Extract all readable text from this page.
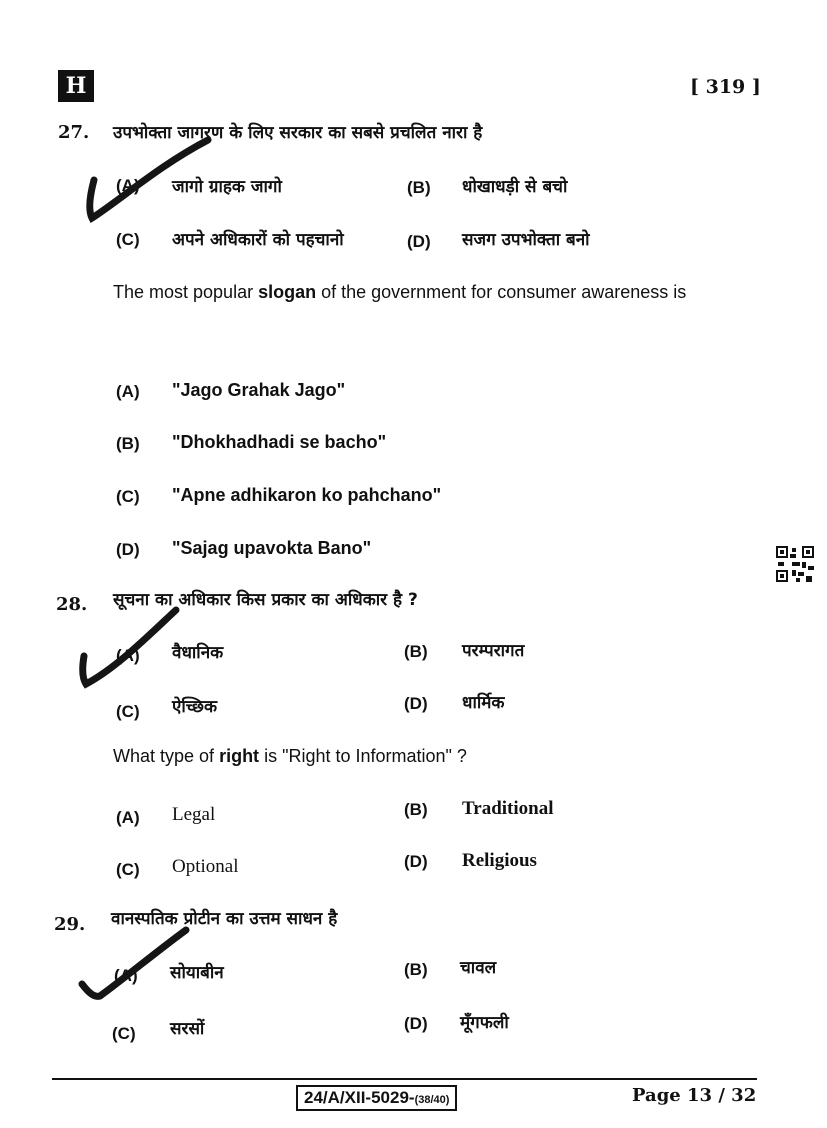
H	[ 319 ]
27. उपभोक्ता जागरण के लिए सरकार का सबसे प्रचलित नारा है
(A) जागो ग्राहक जागो	(B) धोखाधड़ी से बचो
(C) अपने अधिकारों को पहचानो	(D) सजग उपभोक्ता बनो
The most popular slogan of the government for consumer awareness is
(A) "Jago Grahak Jago"
(B) "Dhokhadhadi se bacho"
(C) "Apne adhikaron ko pahchano"
(D) "Sajag upavokta Bano"
28. सूचना का अधिकार किस प्रकार का अधिकार है ?
(A) वैधानिक	(B) परम्परागत
(C) ऐच्छिक	(D) धार्मिक
What type of right is "Right to Information" ?
(A) Legal	(B) Traditional
(C) Optional	(D) Religious
29. वानस्पतिक प्रोटीन का उत्तम साधन है
(A) सोयाबीन	(B) चावल
(C) सरसों	(D) मूँगफली
24/A/XII-5029-(38/40)	Page 13 / 32
